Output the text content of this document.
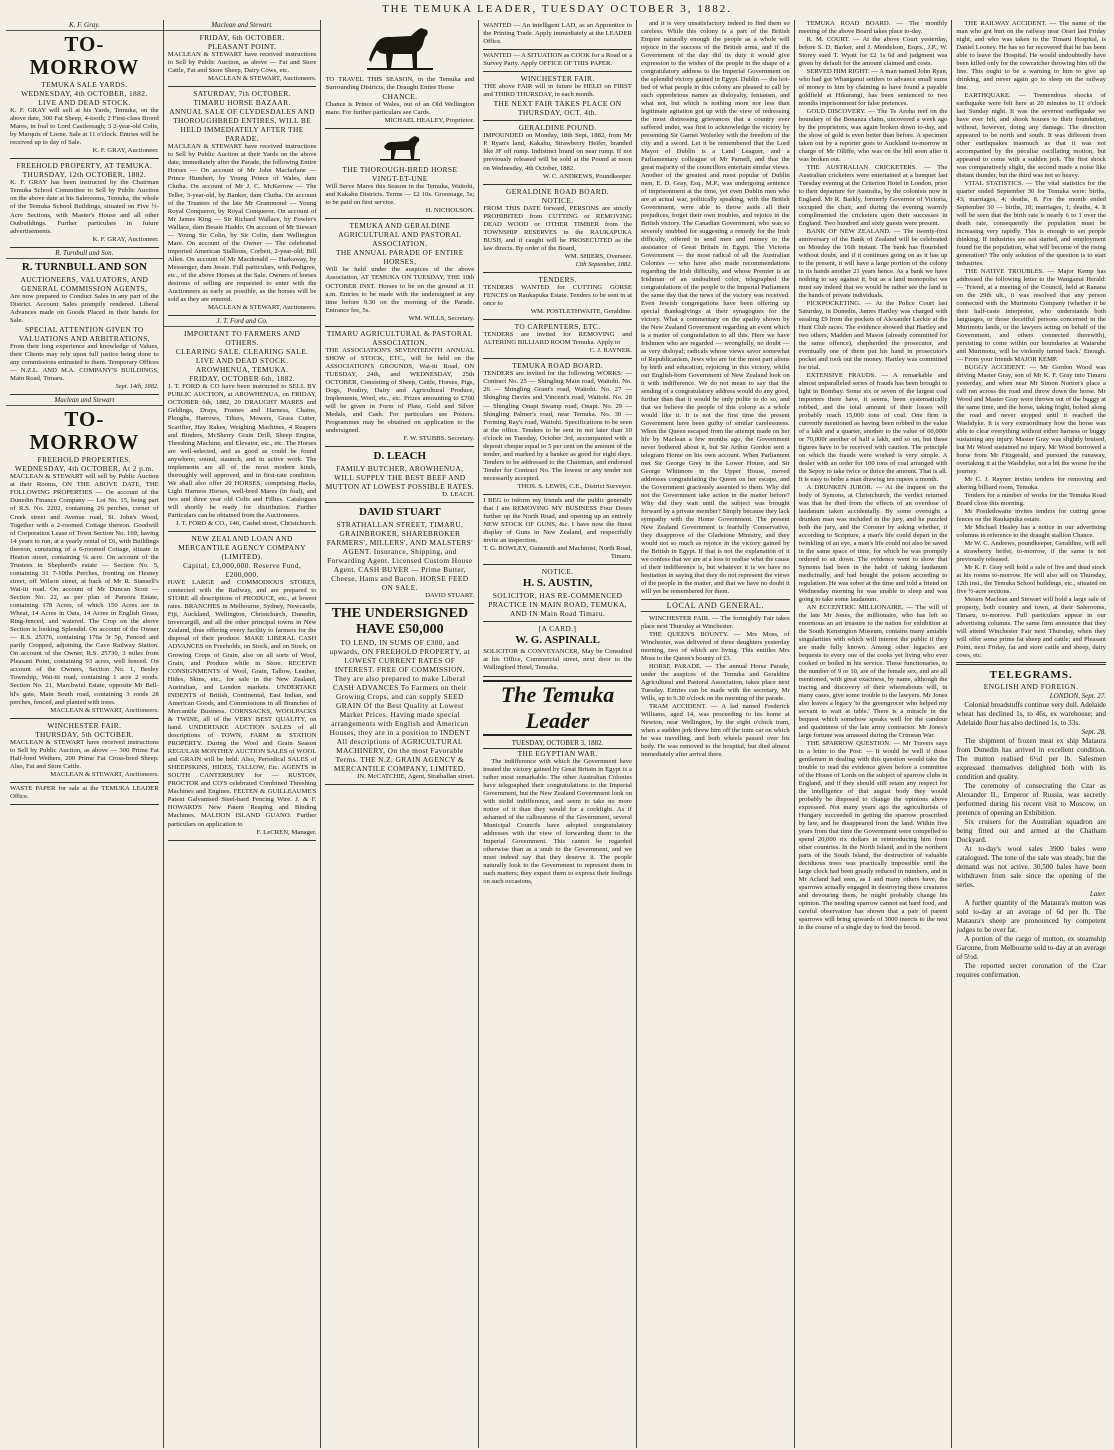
THE TEMUKA LEADER, TUESDAY OCTOBER 3, 1882.
K. F. Gray.
TO-MORROW
TEMUKA SALE YARDS.
WEDNESDAY, 4th OCTOBER, 1882.
LIVE AND DEAD STOCK.
K. F. GRAY will sell at his Yards, Temuka, on the above date, 300 Fat Sheep, 4-tooth; 2 First-class Brood Mares, in foal to Lord Castlereagh; 3 2-year-old Colts, by Marquis of Lorne. Sale at 11 o'clock. Entries will be received up to day of Sale.
K. F. GRAY, Auctioneer.
FREEHOLD PROPERTY, AT TEMUKA.
THURSDAY, 12th OCTOBER, 1882.
K. F. GRAY has been instructed by the Chairman Temuka School Committee to Sell by Public Auction on the above date at his Salerooms, Temuka, the whole of the Temuka School Buildings, situated on Five ½-Acre Sections, with Master's House and all other Outbuildings. Further particulars in future advertisements.
K. F. GRAY, Auctioneer.
R. Turnbull and Son.
R. TURNBULL AND SON
AUCTIONEERS, VALUATORS, AND GENERAL COMMISSION AGENTS,
Are now prepared to Conduct Sales in any part of the District. Account Sales promptly rendered. Liberal Advances made on Goods Placed in their hands for Sale.
SPECIAL ATTENTION GIVEN TO VALUATIONS AND ARBITRATIONS,
From their long experience and knowledge of Values, their Clients may rely upon full justice being done to any commissions entrusted to them. Temporary Offices — N.Z.L. AND M.A. COMPANY'S BUILDINGS, Main Road, Timaru.
Sept. 14th, 1882.
Maclean and Stewart
TO-MORROW
FREEHOLD PROPERTIES.
WEDNESDAY, 4th OCTOBER, At 2 p.m.
MACLEAN & STEWART will sell by Public Auction at their Rooms, ON THE ABOVE DATE, THE FOLLOWING PROPERTIES — On account of the Dunedin Finance Company — Lot No. 15, being part of R.S. No. 2202, containing 26 perches, corner of Creek street and Avenue road, St. John's Wood, Together with a 2-roomed Cottage thereon. Goodwill of Corporation Lease of Town Section No. 169, having 14 years to run, at a yearly rental of £6, with Buildings thereon, consisting of a 6-roomed Cottage, situate in Heaton street, containing ¼ acre. On account of the Trustees in Shepherd's estate — Section No. 5, containing 31 7-10ths Perches, fronting on Hesney street, off Wilson street, at back of Mr R. Stansell's Wai-iti road. On account of Mr Duncan Scott — Section No. 22, as per plan of Pareora Estate, containing 178 Acres, of which 150 Acres are in Wheat, 14 Acres in Oats, 14 Acres in English Grass, Ring-fenced, and watered. The Crop on the above Section is looking Splendid. On account of the Owner — R.S. 25376, containing 176a 3r 5p, Fenced and partly Cropped, adjoining the Cave Railway Station. On account of the Owner, R.S. 25730, 3 miles from Pleasant Point, containing 93 acres, well fenced. On account of the Owners, Section No. 1, Besley Township, Wai-iti road, containing 1 acre 2 roods. Section No. 21, Marchwiel Estate, opposite Mr Bell-hl's gate, Main South road, containing 3 roods 28 perches, fenced, and planted with trees.
MACLEAN & STEWART, Auctioneers.
WINCHESTER FAIR.
THURSDAY, 5th OCTOBER.
MACLEAN & STEWART have received instructions to Sell by Public Auction, as above — 300 Prime Fat Half-bred Wethers, 200 Prime Fat Cross-bred Sheep. Also, Fat and Store Cattle.
MACLEAN & STEWART, Auctioneers.
WASTE PAPER for sale at the TEMUKA LEADER Office.
Maclean and Stewart.
FRIDAY, 6th OCTOBER.
PLEASANT POINT.
MACLEAN & STEWART have received instructions to Sell by Public Auction, as above — Fat and Store Cattle, Fat and Store Sheep, Dairy Cows, etc.
MACLEAN & STEWART, Auctioneers.
SATURDAY, 7th OCTOBER.
TIMARU HORSE BAZAAR.
ANNUAL SALE OF CLYDESDALES AND THOROUGHBRED ENTIRES, WILL BE HELD IMMEDIATELY AFTER THE PARADE.
MACLEAN & STEWART have received instructions to Sell by Public Auction at their Yards on the above date, immediately after the Parade, the following Entire Horses — On account of Mr John Macfarlane — Prince Humbert, by Young Prince of Wales, dam Clutha. On account of Mr J. C. McKerrow — The Teller, 3-year-old, by Banker, dam Clutha. On account of the Trustees of the late Mr Grammond — Young Royal Conqueror, by Royal Conqueror. On account of Mr James King — Sir Richard Wallace, by Fowler's Wallace, dam Bessie Haddo. On account of Mr Stewart — Young Sir Colin, by Sir Colin, dam Wellington Mare. On account of the Owner — The celebrated imported American Stallions, Corbett, 2-year-old; Bill Allen. On account of Mr Macdonald — Harkaway, by Messenger, dam Jessie. Full particulars, with Pedigree, etc., of the above Horses at the Sale. Owners of horses desirous of selling are requested to enter with the Auctioneers as early as possible, as the horses will be sold as they are entered.
MACLEAN & STEWART, Auctioneers.
J. T. Ford and Co.
IMPORTANT TO FARMERS AND OTHERS.
CLEARING SALE. CLEARING SALE.
LIVE AND DEAD STOCK.
AROWHENUA, TEMUKA.
FRIDAY, OCTOBER 6th, 1882.
J. T. FORD & CO have been instructed to SELL BY PUBLIC AUCTION, at AROWHENUA, on FRIDAY, OCTOBER 6th, 1882, 20 DRAUGHT MARES and Geldings, Drays, Frames and Harness, Chains, Ploughs, Harrows, Tilters, Mowers, Grass Cutter, Scarifier, Hay Rakes, Weighing Machines, 4 Reapers and Binders, McSherry Grain Drill, Sheep Engine, Threshing Machine, and Elevator, etc., etc. The Horses are well-selected, and as good as could be found anywhere; sound, staunch, and in active work. The implements are all of the most modern kinds, thoroughly well approved, and in first-rate condition. We shall also offer 20 HORSES, comprising Hacks, Light Harness Horses, well-bred Mares (in foal), and two and three year old Colts and Fillies. Catalogues will shortly be ready for distribution. Further Particulars can be obtained from the Auctioneers.
J. T. FORD & CO., 146, Cashel street, Christchurch.
NEW ZEALAND LOAN AND MERCANTILE AGENCY COMPANY (LIMITED).
Capital, £3,000,000. Reserve Fund, £200,000.
HAVE LARGE and COMMODIOUS STORES, connected with the Railway, and are prepared to STORE all descriptions of PRODUCE, etc., at lowest rates. BRANCHES in Melbourne, Sydney, Newcastle, Fiji, Auckland, Wellington, Christchurch, Dunedin, Invercargill, and all the other principal towns in New Zealand, thus offering every facility to farmers for the disposal of their produce. MAKE LIBERAL CASH ADVANCES on Freeholds, on Stock, and on Stock, on Growing Crops of Grain, also on all sorts of Wool, Grain, and Produce while in Store. RECEIVE CONSIGNMENTS of Wool, Grain, Tallow, Leather, Hides, Skins, etc., for sale in the New Zealand, Australian, and London markets. UNDERTAKE INDENTS of British, Continental, East Indian, and American Goods, and Commissions in all Branches of Mercantile Business. CORNSACKS, WOOLPACKS & TWINE, all of the VERY BEST QUALITY, on hand. UNDERTAKE AUCTION SALES of all descriptions of TOWN, FARM & STATION PROPERTY. During the Wool and Grain Season REGULAR MONTHLY AUCTION SALES of WOOL and GRAIN will be held. Also, Periodical SALES of SHEEPSKINS, HIDES, TALLOW, Etc. AGENTS in SOUTH CANTERBURY for — RUSTON, PROCTOR and CO'S celebrated Combined Threshing Machines and Engines. FELTEN & GUILLEAUME'S Patent Galvanised Steel-bard Fencing Wire. J. & F. HOWARD'S New Patent Reaping and Binding Machines. MALDON ISLAND GUANO. Further particulars on application to
F. LeCREN, Manager.
TO TRAVEL THIS SEASON, in the Temuka and Surrounding Districts, the Draught Entire Horse
CHANCE.
Chance is Prince of Wales, out of an Old Wellington mare. For further particulars see Cards.
MICHAEL HEALEY, Proprietor.
THE THOROUGH-BRED HORSE
VINGT-ET-UNE
Will Serve Mares this Season in the Temuka, Waitohi, and Kakahu Districts. Terms — £2 10s. Groomage, 5s; to be paid on first service.
H. NICHOLSON.
TEMUKA AND GERALDINE AGRICULTURAL AND PASTORAL ASSOCIATION.
THE ANNUAL PARADE OF ENTIRE HORSES,
Will be held under the auspices of the above Association, AT TEMUKA ON TUESDAY, THE 10th OCTOBER INST. Horses to be on the ground at 11 a.m. Entries to be made with the undersigned at any time before 9.30 on the morning of the Parade. Entrance fee, 5s.
WM. WILLS, Secretary.
TIMARU AGRICULTURAL & PASTORAL ASSOCIATION.
THE ASSOCIATION'S SEVENTEENTH ANNUAL SHOW of STOCK, ETC., will be held on the ASSOCIATION'S GROUNDS, Wai-iti Road, ON TUESDAY, 24th, and WEDNESDAY, 25th OCTOBER, Consisting of Sheep, Cattle, Horses, Pigs, Dogs, Poultry, Dairy and Agricultural Produce, Implements, Wool, etc., etc. Prizes amounting to £700 will be given in Form of Plate, Gold and Silver Medals, and Cash. For particulars see Posters. Programmes may be obtained on application to the undersigned.
F. W. STUBBS. Secretary.
D. LEACH
FAMILY BUTCHER, AROWHENUA, WILL SUPPLY THE BEST BEEF AND MUTTON AT LOWEST POSSIBLE RATES.
D. LEACH.
DAVID STUART
STRATHALLAN STREET, TIMARU, GRAINBROKER, SHAREBROKER FARMERS', MILLERS', AND MALSTERS' AGENT. Insurance, Shipping, and Forwarding Agent. Licensed Custom House Agent. CASH BUYER — Prime Butter, Cheese, Hams and Bacon. HORSE FEED ON SALE.
DAVID STUART.
THE UNDERSIGNED HAVE £50,000
TO LEND, IN SUMS OF £300, and upwards, ON FREEHOLD PROPERTY, at LOWEST CURRENT RATES OF INTEREST. FREE OF COMMISSION. They are also prepared to make Liberal CASH ADVANCES To Farmers on their Growing Crops, and can supply SEED GRAIN Of the Best Quality at Lowest Market Prices. Having made special arrangements with English and American Houses, they are in a position to INDENT All descriptions of AGRICULTURAL MACHINERY, On the most Favorable Terms. THE N.Z. GRAIN AGENCY & MERCANTILE COMPANY, LIMITED.
JN. McCATCHIE, Agent, Strathallan street.
WANTED — An intelligent LAD, as an Apprentice to the Printing Trade. Apply immediately at the LEADER Office.
WANTED — A SITUATION as COOK for a Road or a Survey Party. Apply OFFICE OF THIS PAPER.
WINCHESTER FAIR.
THE above FAIR will in future be HELD on FIRST and THIRD THURSDAY, in each month.
THE NEXT FAIR TAKES PLACE ON THURSDAY, OCT. 4th.
GERALDINE POUND.
IMPOUNDED on Monday, 18th Sept, 1882, from Mr P. Ryan's land, Kakahu, Strawberry Heifer, branded like JF off rump. Indistinct brand on near rump. If not previously released will be sold at the Pound at noon on Wednesday, 4th October, 1882.
W. C. ANDREWS, Poundkeeper.
GERALDINE ROAD BOARD.
NOTICE.
FROM THIS DATE forward, PERSONS are strictly PROHIBITED from CUTTING or REMOVING DEAD WOOD or OTHER TIMBER from the TOWNSHIP RESERVES in the RAUKAPUKA BUSH, and if caught will be PROSECUTED as the law directs. By order of the Board,
WM. SHIERS, Overseer.
13th September, 1882.
TENDERS.
TENDERS WANTED for CUTTING GORSE FENCES on Raukapuka Estate. Tenders to be sent in at once to
WM. POSTLETHWAITE, Geraldine.
TO CARPENTERS, ETC.
TENDERS are invited for REMOVING and ALTERING BILLIARD ROOM Temuka. Apply to
C. J. RAYNER.
TEMUKA ROAD BOARD.
TENDERS are invited for the following WORKS: — Contract No. 25 — Shingling Main road, Waitohi. No. 26 — Shingling Grant's road, Waitohi. No. 27 — Shingling Davies and Vincent's road, Waitohi. No. 28 — Shingling Onapi Swamp road, Onapi. No. 29 — Shingling Palmer's road, near Temuka. No. 30 — Forming Ray's road, Waitohi. Specifications to be seen at the office. Tenders to be sent in not later than 10 o'clock on Tuesday, October 3rd, accompanied with a deposit cheque equal to 5 per cent on the amount of the tender, and marked by a banker as good for eight days. Tenders to be addressed to the Chairman, and endorsed Tender for Contract No. The lowest or any tender not necessarily accepted.
THOS. S. LEWIS, C.E., District Surveyor.
I BEG to inform my friends and the public generally that I am REMOVING MY BUSINESS Four Doors further up the North Road, and opening up an entirely NEW STOCK OF GUNS, &c. I have now the finest display of Guns in New Zealand, and respectfully invite an inspection.
T. G. BOWLEY, Gunsmith and Machinist, North Road, Timaru.
NOTICE.
H. S. AUSTIN,
SOLICITOR, HAS RE-COMMENCED PRACTICE IN MAIN ROAD, TEMUKA, AND IN Main Road Timaru.
[A CARD.]
W. G. ASPINALL
SOLICITOR & CONVEYANCER, May be Consulted at his Office, Commercial street, next door to the Wallingford Hotel, Temuka.
The Temuka Leader
TUESDAY, OCTOBER 3, 1882.
THE EGYPTIAN WAR.

The indifference with which the Government have treated the victory gained by Great Britain in Egypt is a rather most remarkable. The other Australian Colonies have telegraphed their congratulations to the Imperial Government, but the New Zealand Government look on with stolid indifference, and seem to take no more notice of it than they would for a cockfight. As if ashamed of the callousness of the Government, several Municipal Councils have adopted congratulatory addresses with the view of forwarding them to the Imperial Government. This cannot be regarded otherwise than as a snub to the Government, and we must indeed say that they deserve it. The people naturally look to the Government to represent them in such matters; they expect them to express their feelings on such occasions,

and it is very unsatisfactory indeed to find them so careless. While this colony is a part of the British Empire naturally enough the people as a whole will rejoice in the success of the British arms, and if the Government of the day did its duty it would give expression to the wishes of the people in the shape of a congratulatory address to the Imperial Government on the splendid victory gained in Egypt. Dublin — the hot-bed of what people in this colony are pleased to call by such opprobrious names as disloyalty, feniansm, and what not, but which is nothing more nor less than legitimate agitation got up with the view of redressing the most distressing grievances that a country ever suffered under, was first to acknowledge the victory by presenting Sir Garnet Wolseley with the freedom of the city and a sword. Let it be remembered that the Lord Mayor of Dublin is a Land Leaguer, and a Parliamentary colleague of Mr Parnell, and that the great majority of the councillors entertain similar views. Another of the greatest and most popular of Dublin men, E. D. Gray, Esq., M.P., was undergoing sentence of imprisonment at the time, yet even Dublin men who are at actual war, politically speaking, with the British Government, were able to throw aside all their prejudices, forget their own troubles, and rejoice in the British victory. The Canadian Government, who was so severely snubbed for suggesting a remedy for the Irish difficulty, offered to send men and money to the assistance of Great Britain in Egypt. The Victoria Government — the most radical of all the Australian Colonies — who have also made recommendations regarding the Irish difficulty, and whose Premier is an Irishman of an undoubted color, telegraphed the congratulations of the people to the Imperial Parliament the same day that the news of the victory was received. Even Jewish congregations have been offering up special thanksgivings at their synagogues for the victory. What a commentary on the apathy shown by the New Zealand Government regarding an event which is a matter of congratulation to all this. Here we have Irishmen who are regarded — wrongfully, no doubt — as very disloyal; radicals whose views savor somewhat of Republicanism, Jews who are for the most part aliens by birth and education, rejoicing in this victory, whilst our English-born Government of New Zealand look on it with indifference. We do not mean to say that the sending of a congratulatory address would do any good, further than that it would be only polite to do so, and that we believe the people of this colony as a whole would like it. It is not the first time the present Government have been guilty of similar carelessness. When the Queen escaped from the attempt made on her life by Maclean a few months ago, the Government never bothered about it, but Sir Arthur Gordon sent a telegram Home on his own account. When Parliament met Sir George Grey in the Lower House, and Sir George Whitmore in the Upper House, moved addresses congratulating the Queen on her escape, and the Government graciously assented to them. Why did not the Government take action in the matter before? Why did they wait until the subject was brought forward by a private member? Simply because they lack sympathy with the Home Government. The present New Zealand Government is fearfully Conservative, they disapprove of the Gladstone Ministry, and they would not so much as rejoice in the victory gained by the British in Egypt. If that is not the explanation of it we confess that we are at a loss to realise what the cause of their indifference is, but whatever it is we have no hesitation in saying that they do not represent the views of the people in the matter, and that we have no doubt it will yet be remembered for them.

LOCAL AND GENERAL.

WINCHESTER FAIR. — The fortnightly Fair takes place next Thursday at Winchester.

THE QUEEN'S BOUNTY. — Mrs Moss, of Winchester, was delivered of three daughters yesterday morning, two of which are living. This entitles Mrs Moss to the Queen's bounty of £3.

HORSE PARADE. — The annual Horse Parade, under the auspices of the Temuka and Geraldine Agricultural and Pastoral Association, takes place next Tuesday. Entries can be made with the secretary, Mr Wills, up to 9.30 o'clock on the morning of the parade.

TRAM ACCIDENT. — A lad named Frederick Williams, aged 14, was proceeding to his home at Newton, near Wellington, by the eight o'clock tram, when a sudden jerk threw him off the tram car on which he was travelling, and both wheels passed over his body. He was removed to the hospital, but died almost immediately after arrival there.

TEMUKA ROAD BOARD. — The monthly meeting of the above Board takes place to-day.

R. M. COURT. — At the above Court yesterday, before S. D. Barker, and J. Mendelson, Esqrs., J.P., W. Storey sued T. Wyatt for £2 1s 6d and judgment was given by default for the amount claimed and costs.

SERVED HIM RIGHT. — A man named John Ryan, who had got Whanganui settlers to advance small sums of money to him by claiming to have found a payable goldfield at Hikurangi, has been sentenced to two months imprisonment for false pretences.

GOLD DISCOVERY. — The Te Aroha reef on the boundary of the Bonanza claim, uncovered a week ago by the proprietors, was again broken down to-day, and the show of gold is even better than before. A specimen taken out by a reporter goes to Auckland to-morrow in charge of Mr Olliffe, who was on the hill soon after it was broken out.

THE AUSTRALIAN CRICKETERS. — The Australian cricketers were entertained at a banquet last Tuesday evening at the Criterion Hotel in London, prior to their departure for Australia, by the colonists now in England. Mr R. Barkly, formerly Governor of Victoria, occupied the chair, and during the evening warmly complimented the cricketers upon their successes in England. Two hundred and sixty guests were present.

BANK OF NEW ZEALAND. — The twenty-first anniversary of the Bank of Zealand will be celebrated on Monday the 16th instant. The bank has flourished without doubt, and if it continues going on as it has up to the present, it will have a large portion of the colony in its hands another 21 years hence. As a bank we have nothing to say against it, but as a land monopolist we must say indeed that we would be rather see the land in the hands of private individuals.

PICKPOCKETING. — At the Police Court last Saturday, in Dunedin, James Hartley was charged with stealing £9 from the pockets of Alexander Leckie at the Hunt Club races. The evidence showed that Hartley and two others, Madden and Mason (already committed for the same offence), shepherded the prosecutor, and eventually one of them put his hand in prosecutor's pocket and took out the money. Hartley was committed for trial.

EXTENSIVE FRAUDS. — A remarkable and almost unparalleled series of frauds has been brought to light in Bombay. Some six or seven of the largest coal importers there have, it seems, been systematically robbed, and the total amount of their losses will probably reach 15,000 tons of coal. One firm is currently mentioned as having been robbed to the value of a lakh and a quarter, another to the value of 60,000r or 70,000r another of half a lakh, and so on, but these figures have to be received with caution. The principle on which the frauds were worked is very simple. A dealer with an order for 100 tons of coal arranged with the Sepoy to take twice or thrice the amount. That is all. It is easy to bribe a man drawing ten rupees a month.

A DRUNKEN JUROR. — At the inquest on the body of Symons, at Christchurch, the verdict returned was that he died from the effects of an overdose of laudanum taken accidentally. By some oversight a drunken man was included in the jury, and he puzzled both the jury, and the Coroner by asking whether, if according to Scripture, a man's life could depart in the twinkling of an eye, a man's life could not also be saved in the same space of time, for which he was promptly ordered to sit down. The evidence went to show that Symons had been in the habit of taking laudanum medicinally, and had bought the poison according to regulation. He was sober at the time and told a friend on Wednesday morning he was unable to sleep and was going to take some laudanum.

AN ECCENTRIC MILLIONAIRE. — The will of the late Mr Jones, the millionaire, who has left so enormous an art treasure to the nation for exhibition at the South Kensington Museum, contains many amiable singularities with which will interest the public if they are made fully known. Among other legacies are bequests to every one of the cooks yet living who ever cooked or boiled in his service. These functionaries, to the number of 9 or 10, are of the female sex, and are all mentioned, with great exactness, by name, although the tracing and discovery of their whereabouts will, in many cases, give some trouble to the lawyers. Mr Jones also leaves a legacy 'to the greengrocer who helped my servant to wait at table.' There is a miracle in the bequest which somehow speaks well for the candour and quaintness of the late army contractor. Mr Jones's large fortune was amassed during the Crimean War.

THE SPARROW QUESTION. — Mr Travers says in a letter to the Post: — It would be well if those gentlemen in dealing with this question would take the trouble to read the evidence given before a committee of the House of Lords on the subject of sparrow clubs in England, and if they should still retain any respect for the intelligence of that august body they would probably be disposed to change the opinions above expressed. Not many years ago the agriculturists of Hungary succeeded in getting the sparrow proscribed by law, and he disappeared from the land. Within five years from that time the Government were compelled to spend 20,000 rix dollars in reintroducing him from other countries. In the North Island, and in the northern parts of the South Island, the destruction of valuable deciduous trees was practically impossible until the large clock had been greatly reduced in numbers, and in Mr Acland had seen, as I and many others have, the sparrows actually engaged in destroying these creatures and devouring them, he might probably change his opinion. The nestling sparrow cannot eat hard food, and careful observation has shown that a pair of parent sparrows will bring upwards of 3000 insects to the nest in the course of a single day to feed the brood.

THE RAILWAY ACCIDENT. — The name of the man who got hurt on the railway near Orari last Friday night, and who was taken to the Timaru Hospital, is Daniel Looney. He has so far recovered that he has been able to leave the Hospital. He would undoubtedly have been killed only for the cowcatcher throwing him off the line. This ought to be a warning to him to give up drinking, and never again go to sleep on the railway line.

EARTHQUAKE. — Tremendous shocks of earthquake were felt here at 20 minutes to 11 o'clock last Sunday night. It was the severest earthquake we have ever felt, and shook houses to their foundation, without, however, doing any damage. The direction appeared to be north and south. It was different from other earthquakes inasmuch as that it was not accompanied by the peculiar oscillating motion, but appeared to come with a sudden jerk. The first shock was comparatively slight, the second made a noise like distant thunder, but the third was not so heavy.

VITAL STATISTICS. — The vital statistics for the quarter ended September 30 for Temuka were: births, 43; marriages, 4; deaths, 8. For the month ended September 30 — births, 18; marriages, 1; deaths, 4. It will be seen that the birth rate is nearly 6 to 1 over the death rate, consequently the population must be increasing very rapidly. This is enough to set people thinking. If industries are not started, and employment found for the population, what will become of the rising generation? The only solution of the question is to start industries.

THE NATIVE TROUBLES. — Major Kemp has addressed the following letter to the Wanganui Herald: — 'Friend, at a meeting of the Council, held at Ranana on the 29th ult., it was resolved that any person connected with the Murimotu Company (whether it be their half-caste interpreter, who understands both languages, or those deceitful persons concerned in the Murimotu lands, or the lawyers acting on behalf of the Government, and others connected therewith), persisting to come within our boundaries at Waiaruhe and Murimotu, will be violently turned back.' Enough. — From your friends MAJOR KEMP.

BUGGY ACCIDENT. — Mr Gordon Wood was driving Master Gray, son of Mr K. F. Gray into Timaru yesterday, and when near Mr Simon Norton's place a calf ran across the road and threw down the horse. Mr Wood and Master Gray were thrown out of the buggy at the same time, and the horse, taking fright, bolted along the road and never stopped until it reached the Washdyke. It is very extraordinary how the horse was able to clear everything without either harness or buggy sustaining any injury. Master Gray was slightly bruised, but Mr Wood sustained no injury. Mr Wood borrowed a horse from Mr Fitzgerald, and pursued the runaway, overtaking it at the Washdyke, not a bit the worse for the journey.

Mr C. J. Rayner invites tenders for removing and altering billiard room, Temuka.

Tenders for a number of works for the Temuka Road Board close this morning.

Mr Postlethwaite invites tenders for cutting gorse fences on the Raukapuka estate.

Mr Michael Healey has a notice in our advertising columns in reference to the draught stallion Chance.

Mr W. C. Andrews, poundkeeper, Geraldine, will sell a strawberry heifer, to-morrow, if the same is not previously released.

Mr K. F. Gray will hold a sale of live and dead stock at his rooms to-morrow. He will also sell on Thursday, 12th inst., the Temuka School buildings, etc., situated on five ½-acre sections.

Messrs Maclean and Stewart will hold a large sale of property, both country and town, at their Salerooms, Timaru, to-morrow. Full particulars appear in our advertising columns. The same firm announce that they will attend Winchester Fair next Thursday, when they will offer some prime fat sheep and cattle; and Pleasant Point, next Friday, fat and store cattle and sheep, dairy cows, etc.

TELEGRAMS.
ENGLISH AND FOREIGN.
LONDON, Sept. 27.

Colonial breadstuffs continue very dull. Adelaide wheat has declined 1s, to 46s, ex warehouse; and Adelaide flour has also declined 1s, to 33s.

Sept. 28.

The shipment of frozen meat ex ship Mataura from Dunedin has arrived in excellent condition. The mutton realised 6½d per lb. Salesmen expressed themselves delighted both with its condition and quality.

The ceremony of consecrating the Czar as Alexander II., Emperor of Russia, was secretly performed during his recent visit to Moscow, on pretence of opening an Exhibition.

Six cruisers for the Australian squadron are being fitted out and armed at the Chatham Dockyard.

At to-day's wool sales 3900 bales were catalogued. The tone of the sale was steady, but the demand was not active. 30,500 bales have been withdrawn from sale since the opening of the series.

Later.

A further quantity of the Mataura's mutton was sold to-day at an average of 6d per lb. The Mataura's sheep are pronounced by competent judges to be over fat.

A portion of the cargo of mutton, ex steamship Garonne, from Melbourne sold to-day at an average of 5½d.

The reported secret coronation of the Czar requires confirmation.
